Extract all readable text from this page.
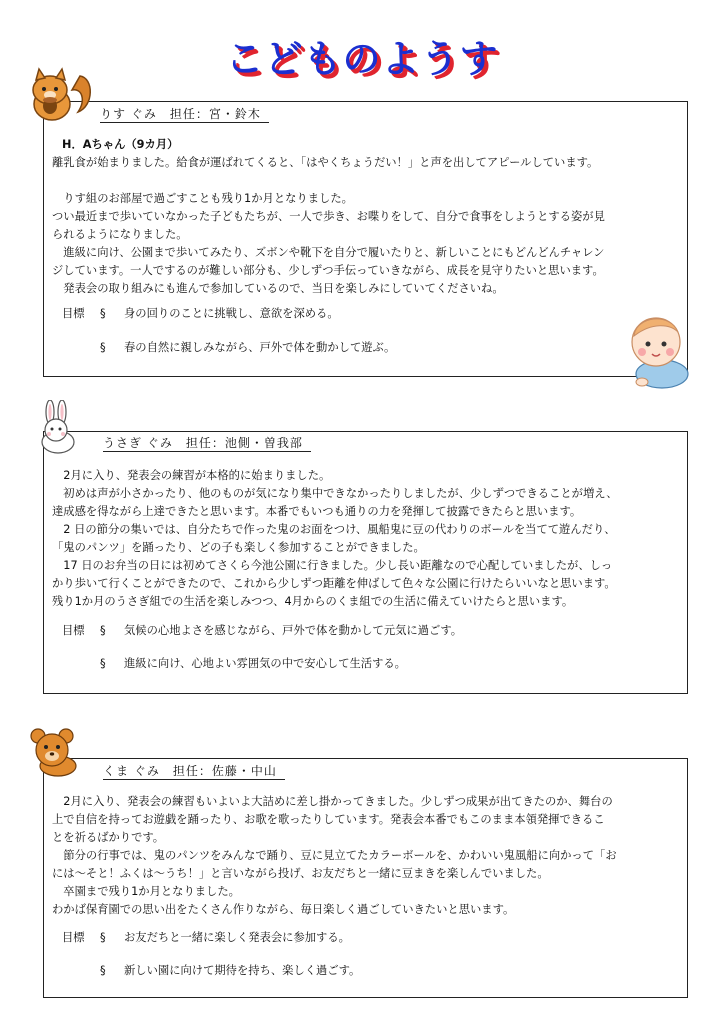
こどものようす
りす ぐみ　担任：宮・鈴木
H．Aちゃん（9カ月）
離乳食が始まりました。給食が運ばれてくると、「はやくちょうだい！」と声を出してアピールしています。

　りす組のお部屋で過ごすことも残り1か月となりました。
つい最近まで歩いていなかった子どもたちが、一人で歩き、お喋りをして、自分で食事をしようとする姿が見
られるようになりました。
　進級に向け、公園まで歩いてみたり、ズボンや靴下を自分で履いたりと、新しいことにもどんどんチャレン
ジしています。一人でするのが難しい部分も、少しずつ手伝っていきながら、成長を見守りたいと思います。
　発表会の取り組みにも進んで参加しているので、当日を楽しみにしていてくださいね。
目標 § 身の回りのことに挑戦し、意欲を深める。
§ 春の自然に親しみながら、戸外で体を動かして遊ぶ。
うさぎ ぐみ　担任：池側・曽我部
　2月に入り、発表会の練習が本格的に始まりました。
　初めは声が小さかったり、他のものが気になり集中できなかったりしましたが、少しずつできることが増え、
達成感を得ながら上達できたと思います。本番でもいつも通りの力を発揮して披露できたらと思います。
　2 日の節分の集いでは、自分たちで作った鬼のお面をつけ、風船鬼に豆の代わりのボールを当てて遊んだり、
「鬼のパンツ」を踊ったり、どの子も楽しく参加することができました。
　17 日のお弁当の日には初めてさくら今池公園に行きました。少し長い距離なので心配していましたが、しっ
かり歩いて行くことができたので、これから少しずつ距離を伸ばして色々な公園に行けたらいいなと思います。
残り1か月のうさぎ組での生活を楽しみつつ、4月からのくま組での生活に備えていけたらと思います。
目標 § 気候の心地よさを感じながら、戸外で体を動かして元気に過ごす。
§ 進級に向け、心地よい雰囲気の中で安心して生活する。
くま ぐみ　担任：佐藤・中山
　2月に入り、発表会の練習もいよいよ大詰めに差し掛かってきました。少しずつ成果が出てきたのか、舞台の
上で自信を持ってお遊戯を踊ったり、お歌を歌ったりしています。発表会本番でもこのまま本領発揮できるこ
とを祈るばかりです。
　節分の行事では、鬼のパンツをみんなで踊り、豆に見立てたカラーボールを、かわいい鬼風船に向かって「お
には～そと！ふくは～うち！」と言いながら投げ、お友だちと一緒に豆まきを楽しんでいました。
　卒園まで残り1か月となりました。
わかば保育園での思い出をたくさん作りながら、毎日楽しく過ごしていきたいと思います。
目標 § お友だちと一緒に楽しく発表会に参加する。
§ 新しい園に向けて期待を持ち、楽しく過ごす。
